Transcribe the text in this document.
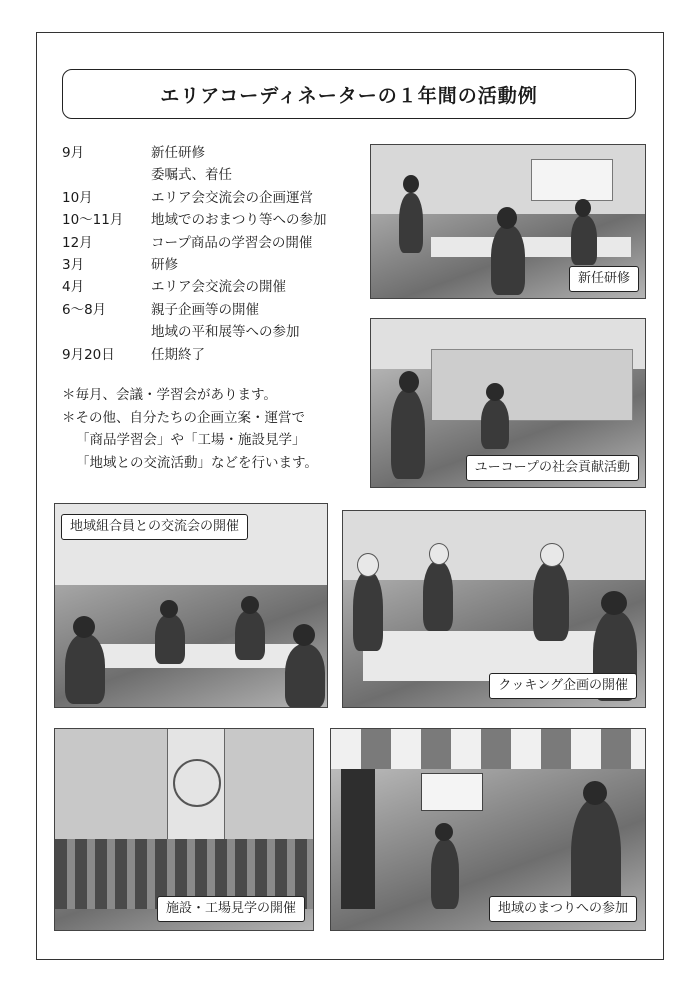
エリアコーディネーターの１年間の活動例
9月	新任研修
委嘱式、着任
10月	エリア会交流会の企画運営
10～11月 地域でのおまつり等への参加
12月	コープ商品の学習会の開催
3月	研修
4月	エリア会交流会の開催
6～8月	親子企画等の開催
地域の平和展等への参加
9月20日	任期終了
＊毎月、会議・学習会があります。
＊その他、自分たちの企画立案・運営で
「商品学習会」や「工場・施設見学」
「地域との交流活動」などを行います。
新任研修
ユーコープの社会貢献活動
地域組合員との交流会の開催
クッキング企画の開催
施設・工場見学の開催	地域のまつりへの参加
